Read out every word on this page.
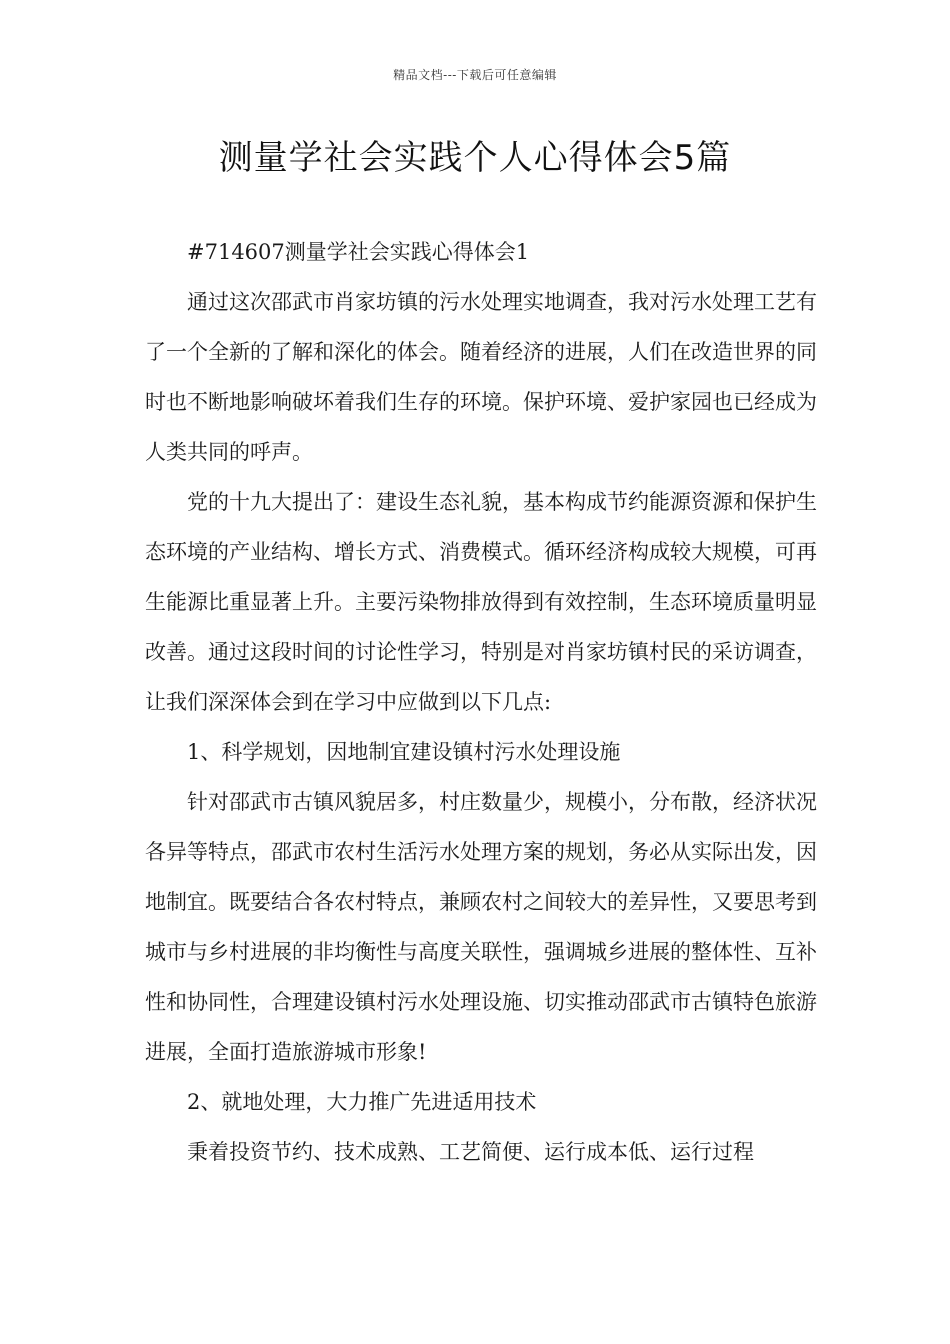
精品文档---下载后可任意编辑
测量学社会实践个人心得体会5篇

#714607测量学社会实践心得体会1

通过这次邵武市肖家坊镇的污水处理实地调查，我对污水处理工艺有了一个全新的了解和深化的体会。随着经济的进展，人们在改造世界的同时也不断地影响破坏着我们生存的环境。保护环境、爱护家园也已经成为人类共同的呼声。

党的十九大提出了：建设生态礼貌，基本构成节约能源资源和保护生态环境的产业结构、增长方式、消费模式。循环经济构成较大规模，可再生能源比重显著上升。主要污染物排放得到有效控制，生态环境质量明显改善。通过这段时间的讨论性学习，特别是对肖家坊镇村民的采访调查，让我们深深体会到在学习中应做到以下几点:

1、科学规划，因地制宜建设镇村污水处理设施

针对邵武市古镇风貌居多，村庄数量少，规模小，分布散，经济状况各异等特点，邵武市农村生活污水处理方案的规划，务必从实际出发，因地制宜。既要结合各农村特点，兼顾农村之间较大的差异性，又要思考到城市与乡村进展的非均衡性与高度关联性，强调城乡进展的整体性、互补性和协同性，合理建设镇村污水处理设施、切实推动邵武市古镇特色旅游进展，全面打造旅游城市形象!

2、就地处理，大力推广先进适用技术

秉着投资节约、技术成熟、工艺简便、运行成本低、运行过程
